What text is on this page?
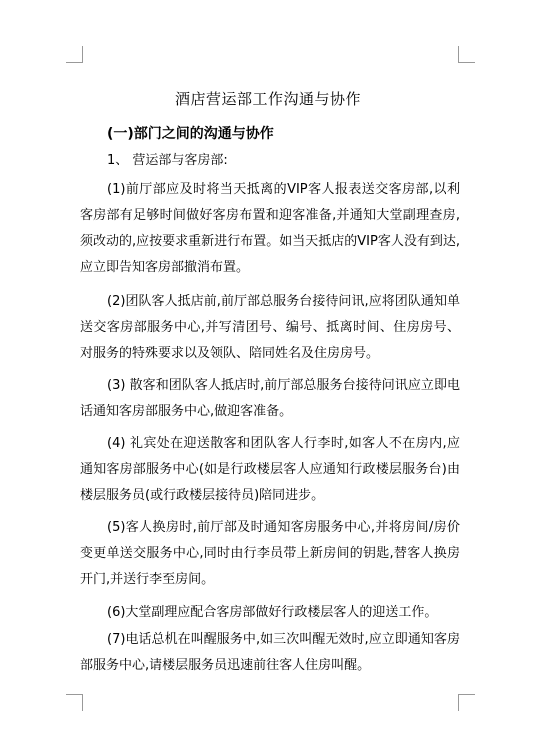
酒店营运部工作沟通与协作
(一)部门之间的沟通与协作
1、 营运部与客房部:

(1)前厅部应及时将当天抵离的VIP客人报表送交客房部,以利客房部有足够时间做好客房布置和迎客准备,并通知大堂副理查房,须改动的,应按要求重新进行布置。如当天抵店的VIP客人没有到达,应立即告知客房部撤消布置。

(2)团队客人抵店前,前厅部总服务台接待问讯,应将团队通知单送交客房部服务中心,并写清团号、编号、抵离时间、住房房号、对服务的特殊要求以及领队、陪同姓名及住房房号。

(3) 散客和团队客人抵店时,前厅部总服务台接待问讯应立即电话通知客房部服务中心,做迎客准备。

(4) 礼宾处在迎送散客和团队客人行李时,如客人不在房内,应通知客房部服务中心(如是行政楼层客人应通知行政楼层服务台)由楼层服务员(或行政楼层接待员)陪同进步。

(5)客人换房时,前厅部及时通知客房服务中心,并将房间/房价变更单送交服务中心,同时由行李员带上新房间的钥匙,替客人换房开门,并送行李至房间。

(6)大堂副理应配合客房部做好行政楼层客人的迎送工作。

(7)电话总机在叫醒服务中,如三次叫醒无效时,应立即通知客房部服务中心,请楼层服务员迅速前往客人住房叫醒。
